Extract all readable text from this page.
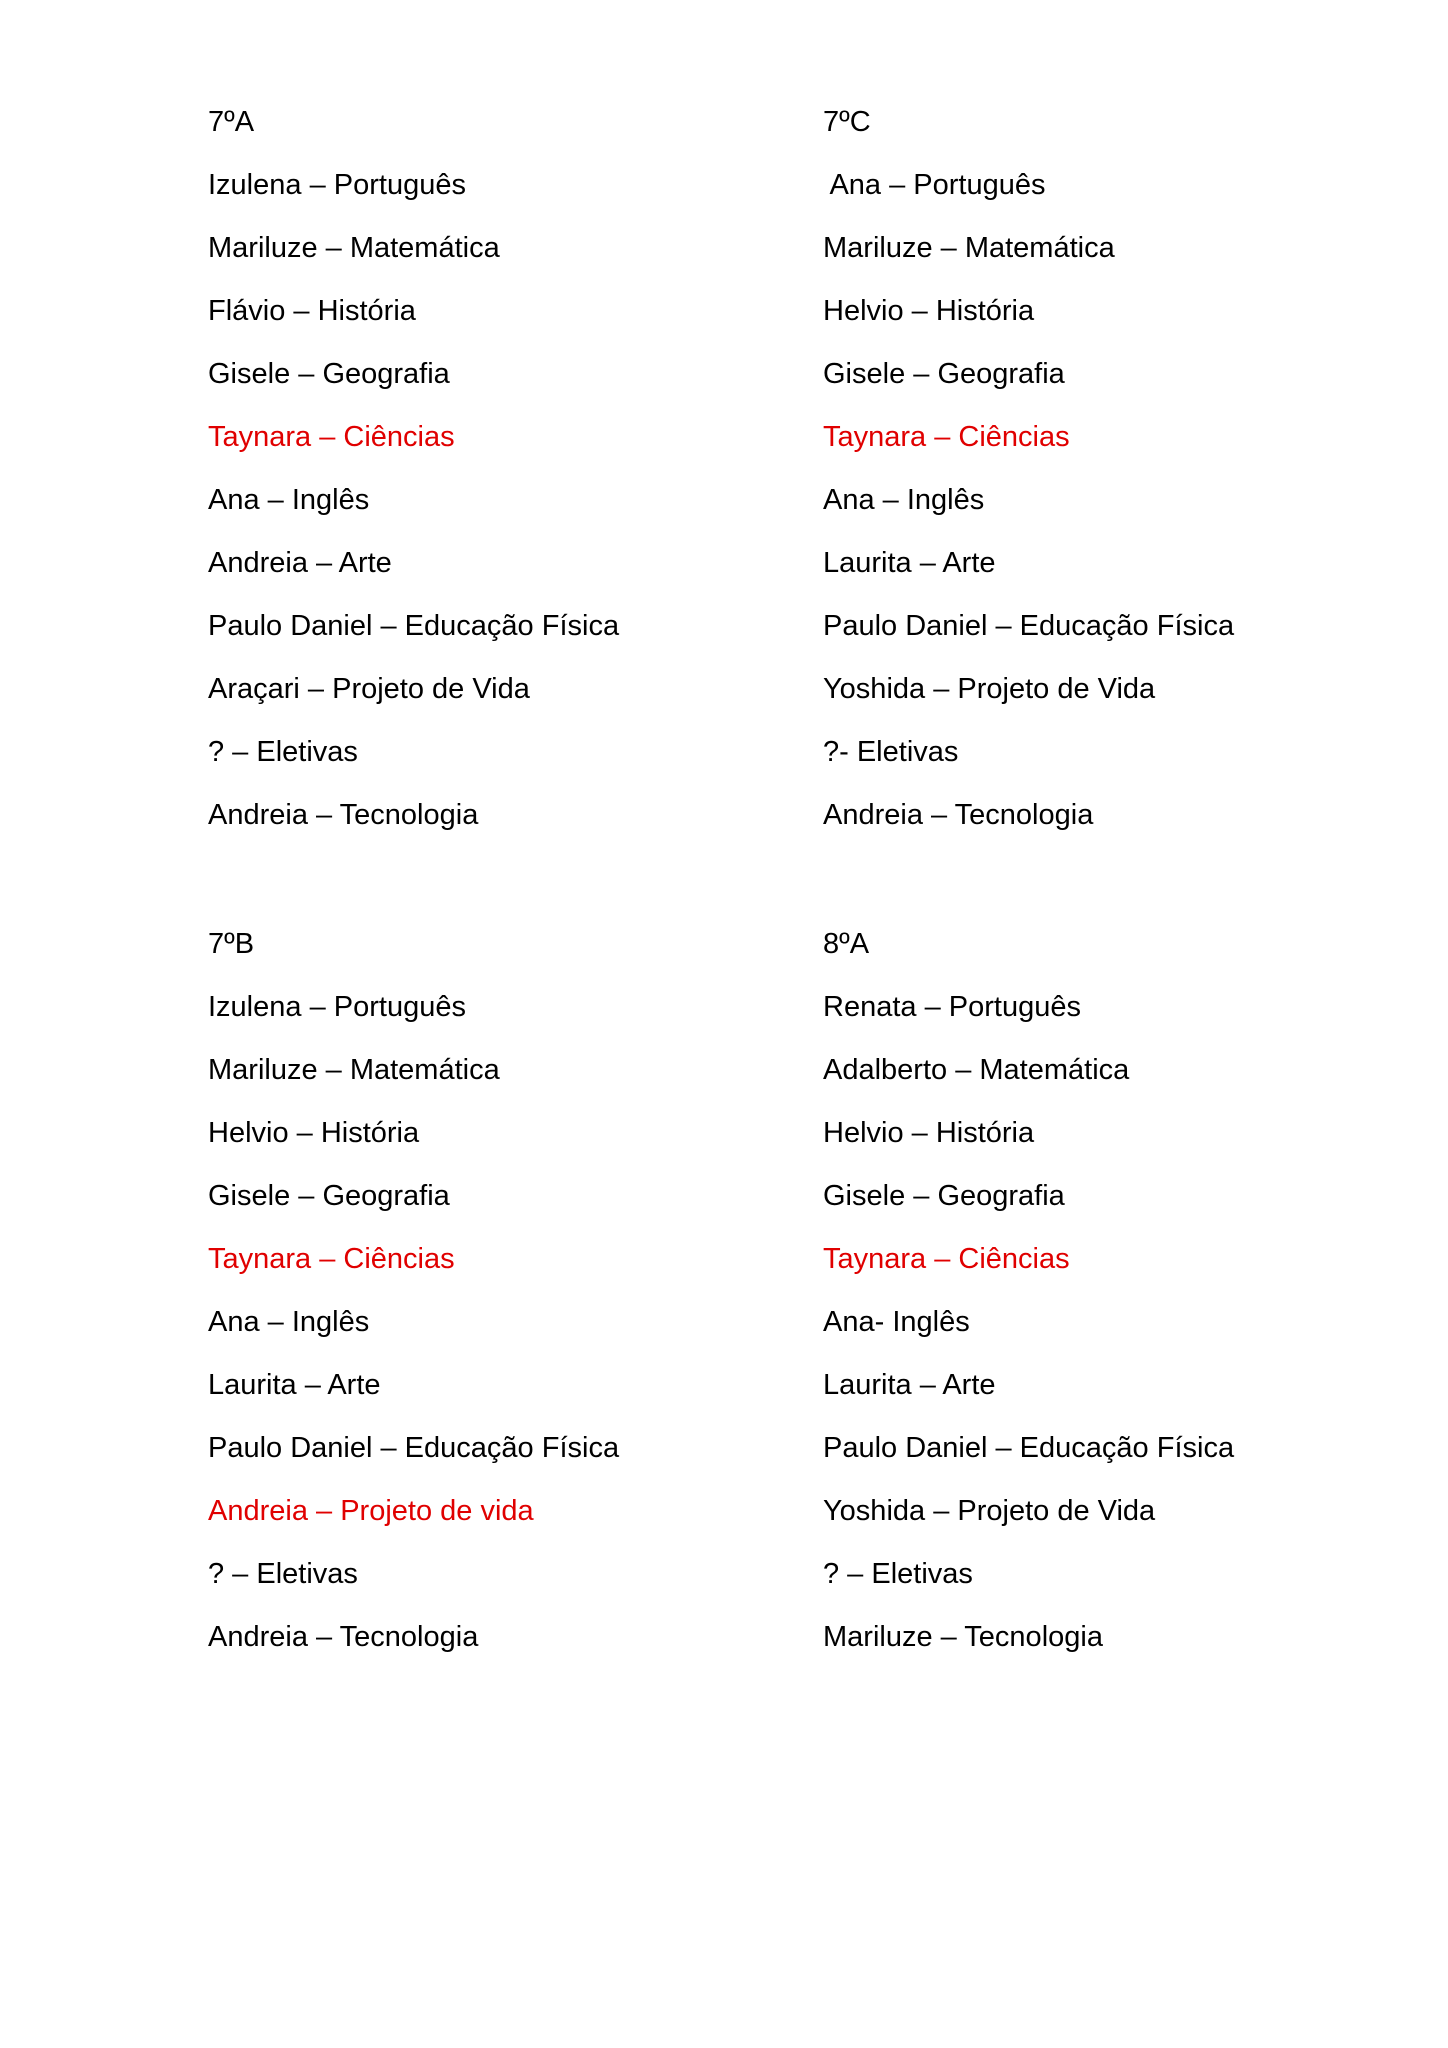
7ºA
Izulena – Português
Mariluze – Matemática
Flávio – História
Gisele – Geografia
Taynara – Ciências
Ana – Inglês
Andreia – Arte
Paulo Daniel – Educação Física
Araçari – Projeto de Vida
? – Eletivas
Andreia – Tecnologia
7ºC
Ana – Português
Mariluze – Matemática
Helvio – História
Gisele – Geografia
Taynara – Ciências
Ana – Inglês
Laurita – Arte
Paulo Daniel – Educação Física
Yoshida – Projeto de Vida
?- Eletivas
Andreia – Tecnologia
7ºB
Izulena – Português
Mariluze – Matemática
Helvio – História
Gisele – Geografia
Taynara – Ciências
Ana – Inglês
Laurita – Arte
Paulo Daniel – Educação Física
Andreia – Projeto de vida
? – Eletivas
Andreia – Tecnologia
8ºA
Renata – Português
Adalberto – Matemática
Helvio – História
Gisele – Geografia
Taynara – Ciências
Ana- Inglês
Laurita – Arte
Paulo Daniel – Educação Física
Yoshida – Projeto de Vida
? – Eletivas
Mariluze – Tecnologia
